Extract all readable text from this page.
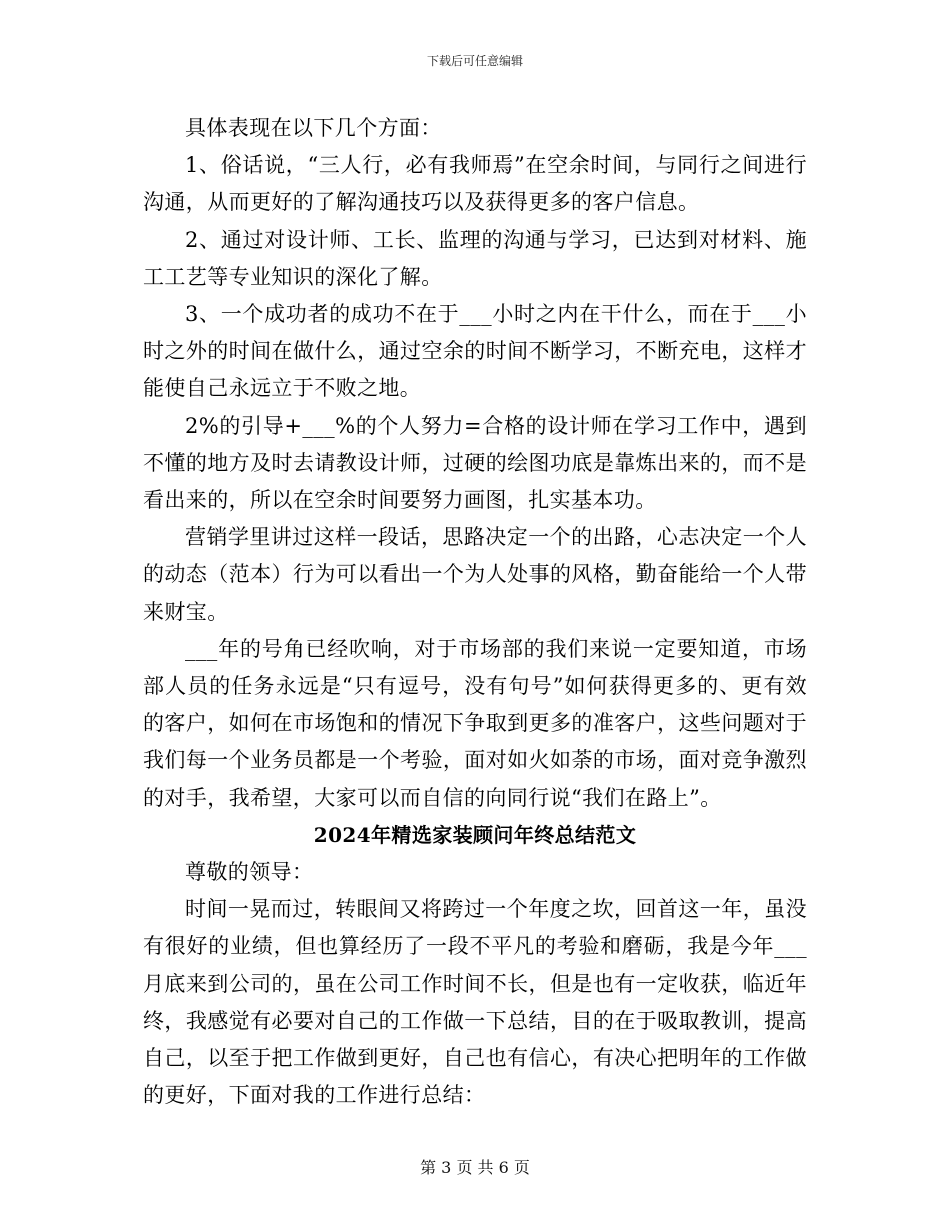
下载后可任意编辑

具体表现在以下几个方面：

1、俗话说，“三人行，必有我师焉”在空余时间，与同行之间进行沟通，从而更好的了解沟通技巧以及获得更多的客户信息。

2、通过对设计师、工长、监理的沟通与学习，已达到对材料、施工工艺等专业知识的深化了解。

3、一个成功者的成功不在于___小时之内在干什么，而在于___小时之外的时间在做什么，通过空余的时间不断学习，不断充电，这样才能使自己永远立于不败之地。

2%的引导+___%的个人努力=合格的设计师在学习工作中，遇到不懂的地方及时去请教设计师，过硬的绘图功底是靠炼出来的，而不是看出来的，所以在空余时间要努力画图，扎实基本功。

营销学里讲过这样一段话，思路决定一个的出路，心志决定一个人的动态（范本）行为可以看出一个为人处事的风格，勤奋能给一个人带来财宝。

___年的号角已经吹响，对于市场部的我们来说一定要知道，市场部人员的任务永远是“只有逗号，没有句号”如何获得更多的、更有效的客户，如何在市场饱和的情况下争取到更多的准客户，这些问题对于我们每一个业务员都是一个考验，面对如火如荼的市场，面对竞争激烈的对手，我希望，大家可以而自信的向同行说“我们在路上”。

2024年精选家装顾问年终总结范文

尊敬的领导：

时间一晃而过，转眼间又将跨过一个年度之坎，回首这一年，虽没有很好的业绩，但也算经历了一段不平凡的考验和磨砺，我是今年___月底来到公司的，虽在公司工作时间不长，但是也有一定收获，临近年终，我感觉有必要对自己的工作做一下总结，目的在于吸取教训，提高自己，以至于把工作做到更好，自己也有信心，有决心把明年的工作做的更好，下面对我的工作进行总结：

第 3 页 共 6 页
